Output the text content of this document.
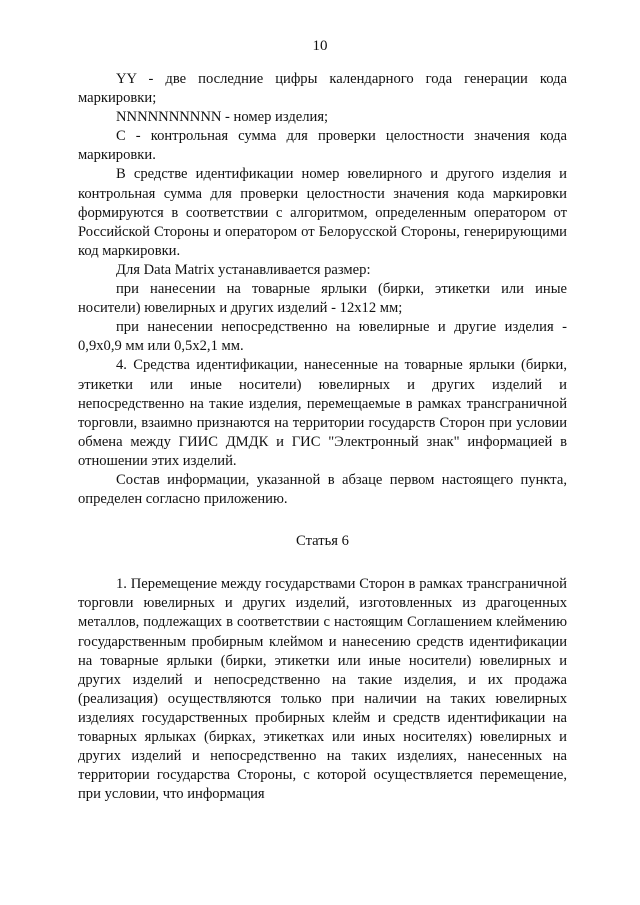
10

YY - две последние цифры календарного года генерации кода маркировки;

NNNNNNNNNN - номер изделия;

C - контрольная сумма для проверки целостности значения кода маркировки.

В средстве идентификации номер ювелирного и другого изделия и контрольная сумма для проверки целостности значения кода маркировки формируются в соответствии с алгоритмом, определенным оператором от Российской Стороны и оператором от Белорусской Стороны, генерирующими код маркировки.

Для Data Matrix устанавливается размер:

при нанесении на товарные ярлыки (бирки, этикетки или иные носители) ювелирных и других изделий - 12х12 мм;

при нанесении непосредственно на ювелирные и другие изделия - 0,9х0,9 мм или 0,5х2,1 мм.

4. Средства идентификации, нанесенные на товарные ярлыки (бирки, этикетки или иные носители) ювелирных и других изделий и непосредственно на такие изделия, перемещаемые в рамках трансграничной торговли, взаимно признаются на территории государств Сторон при условии обмена между ГИИС ДМДК и ГИС "Электронный знак" информацией в отношении этих изделий.

Состав информации, указанной в абзаце первом настоящего пункта, определен согласно приложению.

Статья 6

1. Перемещение между государствами Сторон в рамках трансграничной торговли ювелирных и других изделий, изготовленных из драгоценных металлов, подлежащих в соответствии с настоящим Соглашением клеймению государственным пробирным клеймом и нанесению средств идентификации на товарные ярлыки (бирки, этикетки или иные носители) ювелирных и других изделий и непосредственно на такие изделия, и их продажа (реализация) осуществляются только при наличии на таких ювелирных изделиях государственных пробирных клейм и средств идентификации на товарных ярлыках (бирках, этикетках или иных носителях) ювелирных и других изделий и непосредственно на таких изделиях, нанесенных на территории государства Стороны, с которой осуществляется перемещение, при условии, что информация
